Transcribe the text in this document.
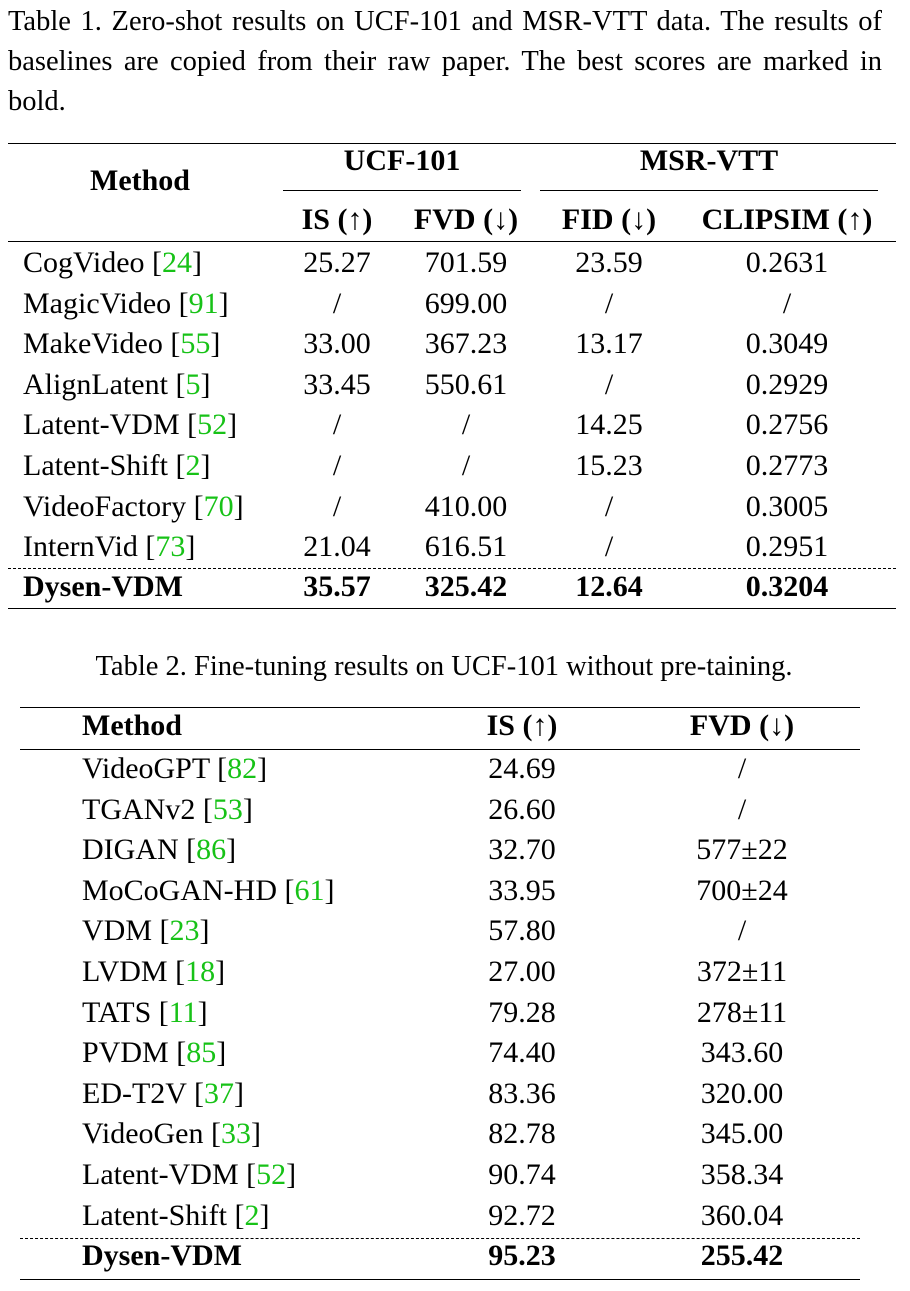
Table 1. Zero-shot results on UCF-101 and MSR-VTT data. The results of baselines are copied from their raw paper. The best scores are marked in bold.
Method
UCF-101	MSR-VTT
IS (↑)	FVD (↓)	FID (↓)	CLIPSIM (↑)
CogVideo [24]	25.27	701.59	23.59	0.2631
MagicVideo [91]	/	699.00	/	/
MakeVideo [55]	33.00	367.23	13.17	0.3049
AlignLatent [5]	33.45	550.61	/	0.2929
Latent-VDM [52]	/	/	14.25	0.2756
Latent-Shift [2]	/	/	15.23	0.2773
VideoFactory [70]	/	410.00	/	0.3005
InternVid [73]	21.04	616.51	/	0.2951
Dysen-VDM	35.57	325.42	12.64	0.3204
Table 2. Fine-tuning results on UCF-101 without pre-taining.
Method	IS (↑)	FVD (↓)
VideoGPT [82]	24.69	/
TGANv2 [53]	26.60	/
DIGAN [86]	32.70	577±22
MoCoGAN-HD [61]	33.95	700±24
VDM [23]	57.80	/
LVDM [18]	27.00	372±11
TATS [11]	79.28	278±11
PVDM [85]	74.40	343.60
ED-T2V [37]	83.36	320.00
VideoGen [33]	82.78	345.00
Latent-VDM [52]	90.74	358.34
Latent-Shift [2]	92.72	360.04
Dysen-VDM	95.23	255.42
